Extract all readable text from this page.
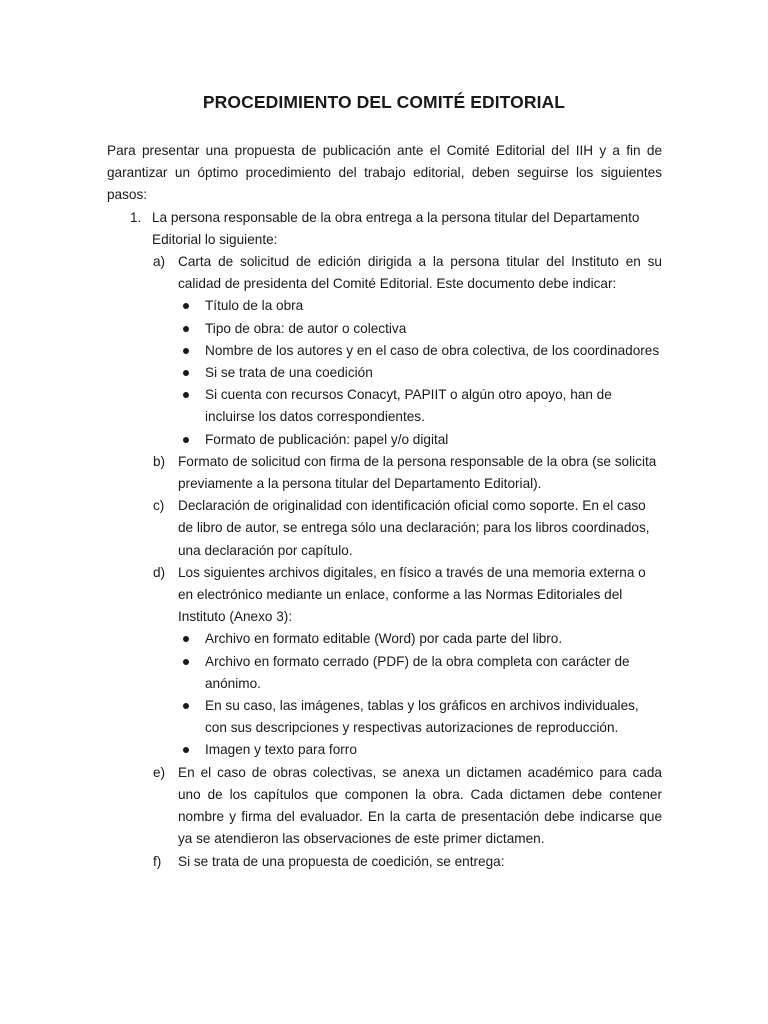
PROCEDIMIENTO DEL COMITÉ EDITORIAL

Para presentar una propuesta de publicación ante el Comité Editorial del IIH y a fin de garantizar un óptimo procedimiento del trabajo editorial, deben seguirse los siguientes pasos:

1. La persona responsable de la obra entrega a la persona titular del Departamento Editorial lo siguiente:
a) Carta de solicitud de edición dirigida a la persona titular del Instituto en su calidad de presidenta del Comité Editorial. Este documento debe indicar:
Título de la obra
Tipo de obra: de autor o colectiva
Nombre de los autores y en el caso de obra colectiva, de los coordinadores
Si se trata de una coedición
Si cuenta con recursos Conacyt, PAPIIT o algún otro apoyo, han de incluirse los datos correspondientes.
Formato de publicación: papel y/o digital
b) Formato de solicitud con firma de la persona responsable de la obra (se solicita previamente a la persona titular del Departamento Editorial).
c) Declaración de originalidad con identificación oficial como soporte. En el caso de libro de autor, se entrega sólo una declaración; para los libros coordinados, una declaración por capítulo.
d) Los siguientes archivos digitales, en físico a través de una memoria externa o en electrónico mediante un enlace, conforme a las Normas Editoriales del Instituto (Anexo 3):
Archivo en formato editable (Word) por cada parte del libro.
Archivo en formato cerrado (PDF) de la obra completa con carácter de anónimo.
En su caso, las imágenes, tablas y los gráficos en archivos individuales, con sus descripciones y respectivas autorizaciones de reproducción.
Imagen y texto para forro
e) En el caso de obras colectivas, se anexa un dictamen académico para cada uno de los capítulos que componen la obra. Cada dictamen debe contener nombre y firma del evaluador. En la carta de presentación debe indicarse que ya se atendieron las observaciones de este primer dictamen.
f) Si se trata de una propuesta de coedición, se entrega:
